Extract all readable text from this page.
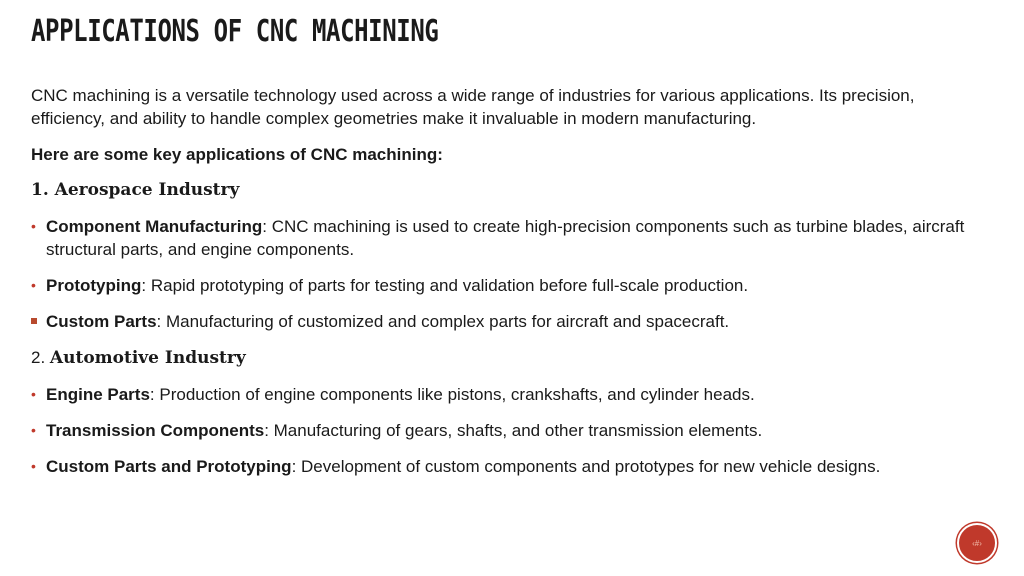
APPLICATIONS OF CNC MACHINING

CNC machining is a versatile technology used across a wide range of industries for various applications. Its precision, efficiency, and ability to handle complex geometries make it invaluable in modern manufacturing.

Here are some key applications of CNC machining:

1. Aerospace Industry
• Component Manufacturing: CNC machining is used to create high-precision components such as turbine blades, aircraft structural parts, and engine components.
• Prototyping: Rapid prototyping of parts for testing and validation before full-scale production.
Custom Parts: Manufacturing of customized and complex parts for aircraft and spacecraft.
2. Automotive Industry
• Engine Parts: Production of engine components like pistons, crankshafts, and cylinder heads.
• Transmission Components: Manufacturing of gears, shafts, and other transmission elements.
• Custom Parts and Prototyping: Development of custom components and prototypes for new vehicle designs.
‹#›
